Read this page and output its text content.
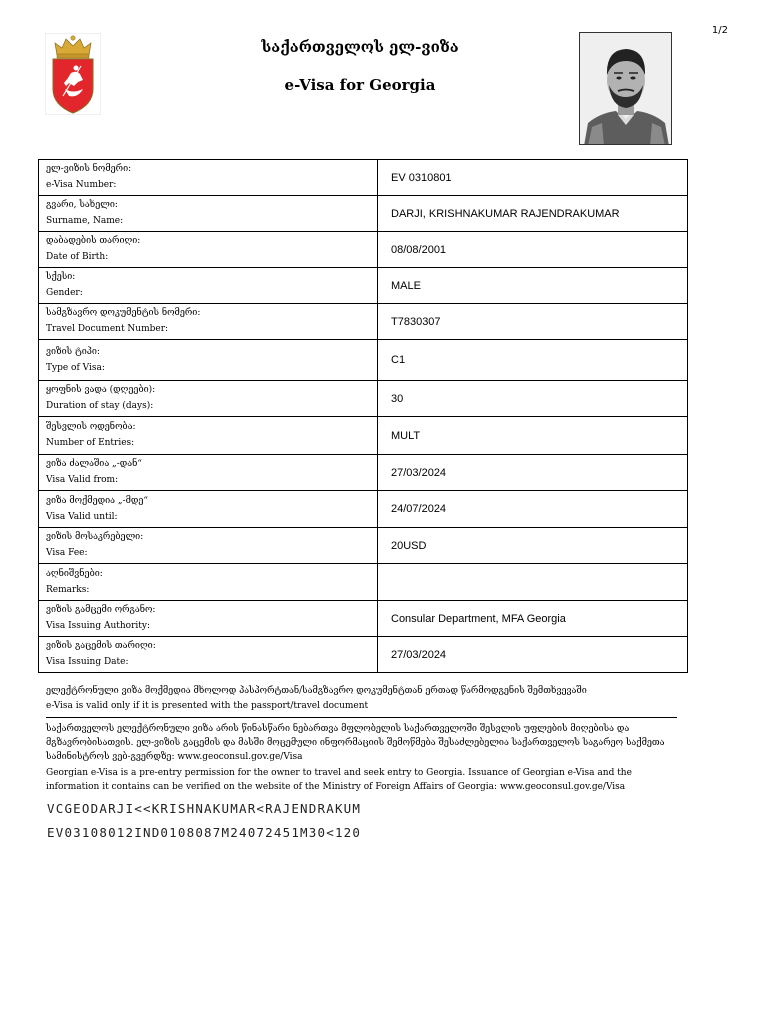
1/2
საქართველოს ელ-ვიზა
e-Visa for Georgia
ელ-ვიზის ნომერი:
e-Visa Number:	EV 0310801

გვარი, სახელი:
Surname, Name:	DARJI, KRISHNAKUMAR RAJENDRAKUMAR

დაბადების თარიღი:
Date of Birth:	08/08/2001

სქესი:
Gender:	MALE

სამგზავრო დოკუმენტის ნომერი:
Travel Document Number:	T7830307

ვიზის ტიპი:
Type of Visa:	C1

ყოფნის ვადა (დღეები):
Duration of stay (days):	30

შესვლის ოდენობა:
Number of Entries:	MULT

ვიზა ძალაშია „-დან“
Visa Valid from:	27/03/2024

ვიზა მოქმედია „-მდე“
Visa Valid until:	24/07/2024

ვიზის მოსაკრებელი:
Visa Fee:	20USD

აღნიშვნები:
Remarks:	

ვიზის გამცემი ორგანო:
Visa Issuing Authority:	Consular Department, MFA Georgia

ვიზის გაცემის თარიღი:
Visa Issuing Date:	27/03/2024
ელექტრონული ვიზა მოქმედია მხოლოდ პასპორტთან/სამგზავრო დოკუმენტთან ერთად წარმოდგენის შემთხვევაში
e-Visa is valid only if it is presented with the passport/travel document
საქართველოს ელექტრონული ვიზა არის წინასწარი ნებართვა მფლობელის საქართველოში შესვლის უფლების მიღებისა და მგზავრობისათვის. ელ-ვიზის გაცემის და მასში მოცემული ინფორმაციის შემოწმება შესაძლებელია საქართველოს საგარეო საქმეთა სამინისტროს ვებ-გვერდზე: www.geoconsul.gov.ge/Visa
Georgian e-Visa is a pre-entry permission for the owner to travel and seek entry to Georgia. Issuance of Georgian e-Visa and the information it contains can be verified on the website of the Ministry of Foreign Affairs of Georgia: www.geoconsul.gov.ge/Visa
VCGEODARJI<<KRISHNAKUMAR<RAJENDRAKUM
EV03108012IND0108087M24072451M30<120
